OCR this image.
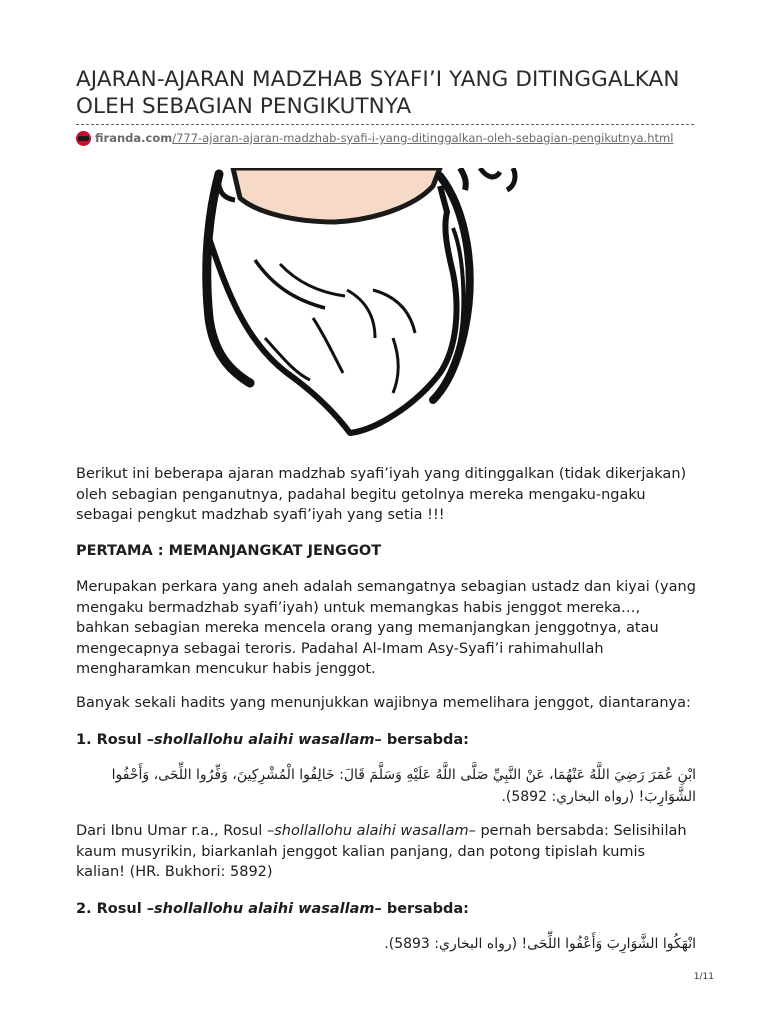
AJARAN-AJARAN MADZHAB SYAFI’I YANG DITINGGALKAN OLEH SEBAGIAN PENGIKUTNYA
firanda.com /777-ajaran-ajaran-madzhab-syafi-i-yang-ditinggalkan-oleh-sebagian-pengikutnya.html

Berikut ini beberapa ajaran madzhab syafi’iyah yang ditinggalkan (tidak dikerjakan) oleh sebagian penganutnya, padahal begitu getolnya mereka mengaku-ngaku sebagai pengkut madzhab syafi’iyah yang setia !!!

PERTAMA : MEMANJANGKAT JENGGOT

Merupakan perkara yang aneh adalah semangatnya sebagian ustadz dan kiyai (yang mengaku bermadzhab syafi’iyah) untuk memangkas habis jenggot mereka…, bahkan sebagian mereka mencela orang yang memanjangkan jenggotnya, atau mengecapnya sebagai teroris. Padahal Al-Imam Asy-Syafi’i rahimahullah mengharamkan mencukur habis jenggot.

Banyak sekali hadits yang menunjukkan wajibnya memelihara jenggot, diantaranya:

1. Rosul –shollallohu alaihi wasallam– bersabda:

ابْنِ عُمَرَ رَضِيَ اللَّهُ عَنْهُمَا، عَنْ النَّبِيِّ صَلَّى اللَّهُ عَلَيْهِ وَسَلَّمَ قَالَ: خَالِفُوا الْمُشْرِكِينَ، وَفِّرُوا اللِّحَى، وَأَحْفُوا الشَّوَارِبَ! (رواه البخاري: 5892).

Dari Ibnu Umar r.a., Rosul –shollallohu alaihi wasallam– pernah bersabda: Selisihilah kaum musyrikin, biarkanlah jenggot kalian panjang, dan potong tipislah kumis kalian! (HR. Bukhori: 5892)

2. Rosul –shollallohu alaihi wasallam– bersabda:

انْهَكُوا الشَّوَارِبَ وَأَعْفُوا اللِّحَى! (رواه البخاري: 5893).

1/11
